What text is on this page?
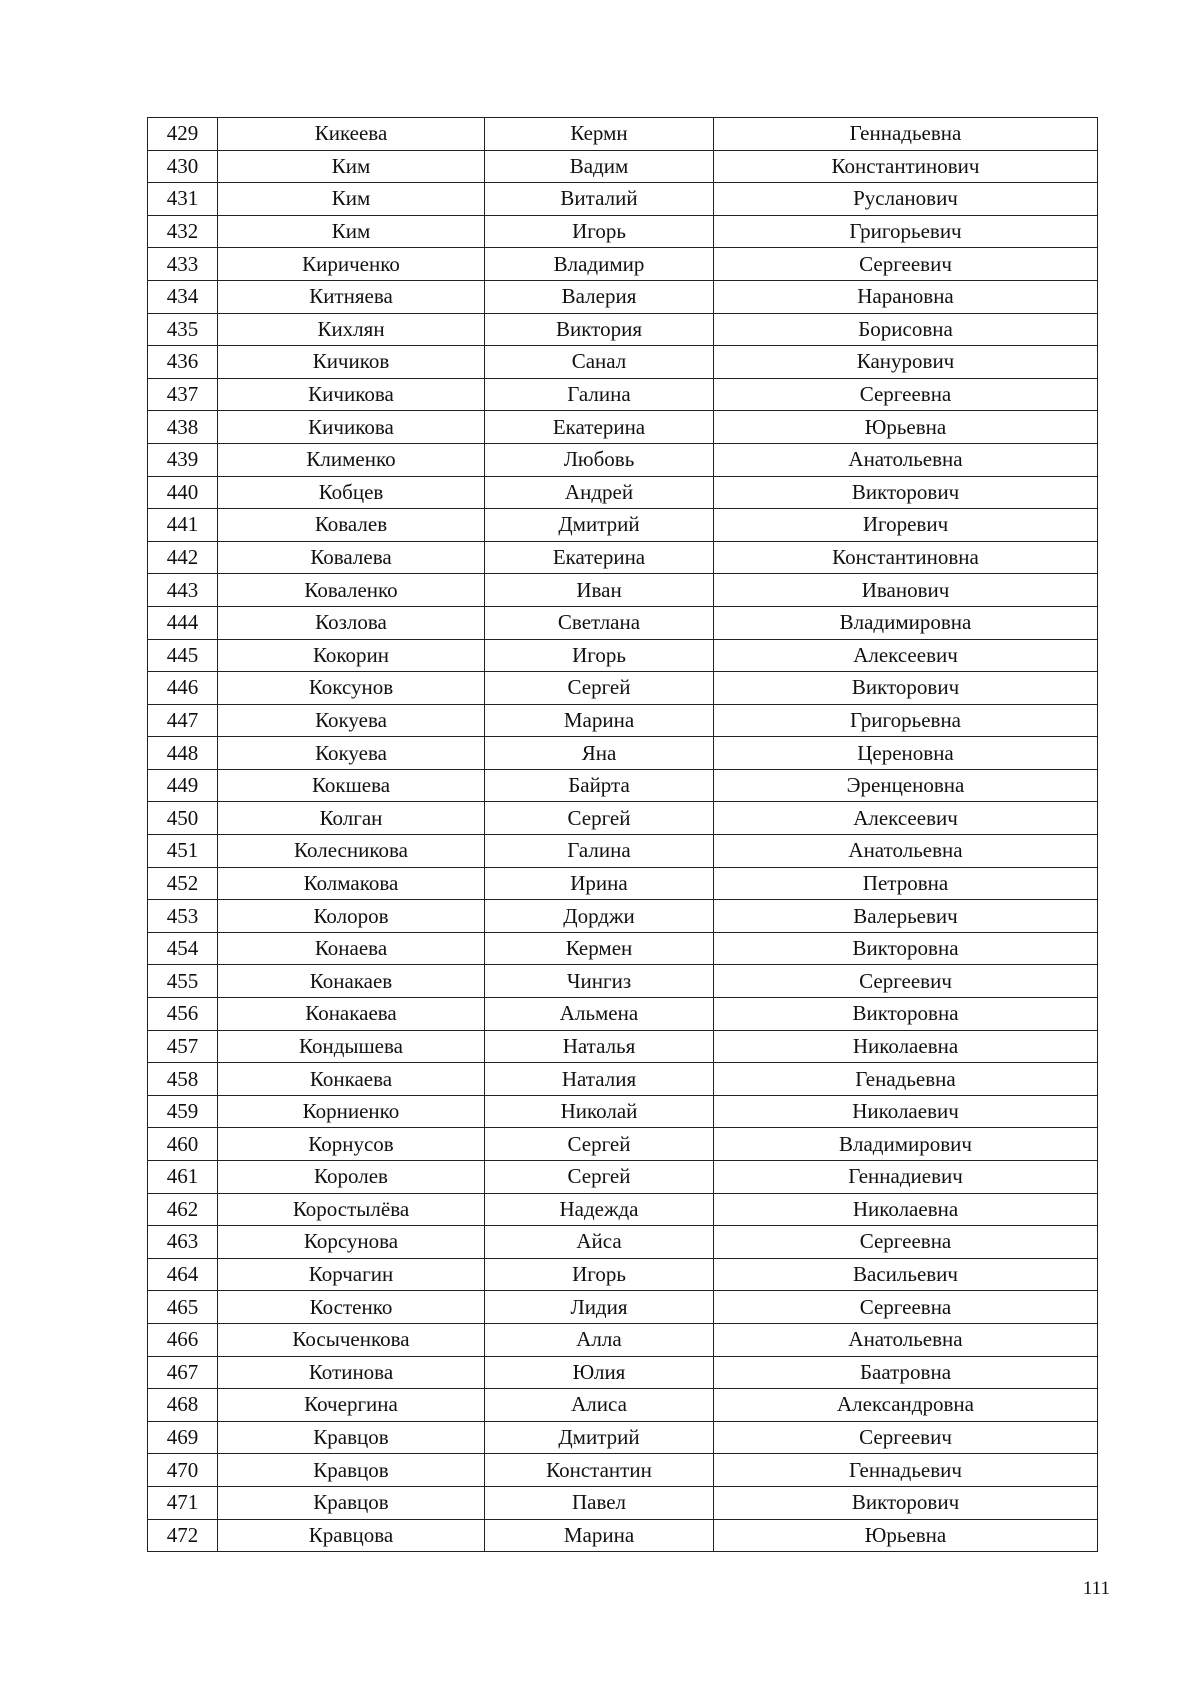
429	Кикеева	Кермн	Геннадьевна
430	Ким	Вадим	Константинович
431	Ким	Виталий	Русланович
432	Ким	Игорь	Григорьевич
433	Кириченко	Владимир	Сергеевич
434	Китняева	Валерия	Нарановна
435	Кихлян	Виктория	Борисовна
436	Кичиков	Санал	Канурович
437	Кичикова	Галина	Сергеевна
438	Кичикова	Екатерина	Юрьевна
439	Клименко	Любовь	Анатольевна
440	Кобцев	Андрей	Викторович
441	Ковалев	Дмитрий	Игоревич
442	Ковалева	Екатерина	Константиновна
443	Коваленко	Иван	Иванович
444	Козлова	Светлана	Владимировна
445	Кокорин	Игорь	Алексеевич
446	Коксунов	Сергей	Викторович
447	Кокуева	Марина	Григорьевна
448	Кокуева	Яна	Цереновна
449	Кокшева	Байрта	Эренценовна
450	Колган	Сергей	Алексеевич
451	Колесникова	Галина	Анатольевна
452	Колмакова	Ирина	Петровна
453	Колоров	Дорджи	Валерьевич
454	Конаева	Кермен	Викторовна
455	Конакаев	Чингиз	Сергеевич
456	Конакаева	Альмена	Викторовна
457	Кондышева	Наталья	Николаевна
458	Конкаева	Наталия	Генадьевна
459	Корниенко	Николай	Николаевич
460	Корнусов	Сергей	Владимирович
461	Королев	Сергей	Геннадиевич
462	Коростылёва	Надежда	Николаевна
463	Корсунова	Айса	Сергеевна
464	Корчагин	Игорь	Васильевич
465	Костенко	Лидия	Сергеевна
466	Косыченкова	Алла	Анатольевна
467	Котинова	Юлия	Баатровна
468	Кочергина	Алиса	Александровна
469	Кравцов	Дмитрий	Сергеевич
470	Кравцов	Константин	Геннадьевич
471	Кравцов	Павел	Викторович
472	Кравцова	Марина	Юрьевна
111
